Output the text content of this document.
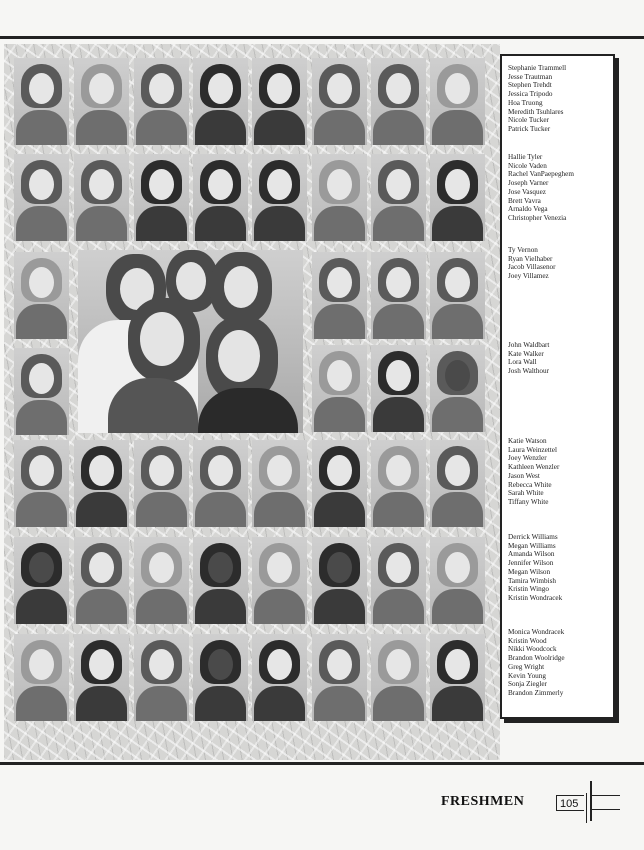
Stephanie Trammell
Jesse Trautman
Stephen Trehdt
Jessica Tripodo
Hoa Truong
Meredith Tsuhlares
Nicole Tucker
Patrick Tucker
Hallie Tyler
Nicole Vaden
Rachel VanPaepeghem
Joseph Varner
Jose Vasquez
Brett Vavra
Arnaldo Vega
Christopher Venezia
Ty Vernon
Ryan Vielhaber
Jacob Villasenor
Joey Villamez
John Waldbart
Kate Walker
Lora Wall
Josh Walthour
Katie Watson
Laura Weinzettel
Joey Wenzler
Kathleen Wenzler
Jason West
Rebecca White
Sarah White
Tiffany White
Derrick Williams
Megan Williams
Amanda Wilson
Jennifer Wilson
Megan Wilson
Tamira Wimbish
Kristin Wingo
Kristin Wondracek
Monica Wondracek
Kristin Wood
Nikki Woodcock
Brandon Woolridge
Greg Wright
Kevin Young
Sonja Ziegler
Brandon Zimmerly
FRESHMEN	105
